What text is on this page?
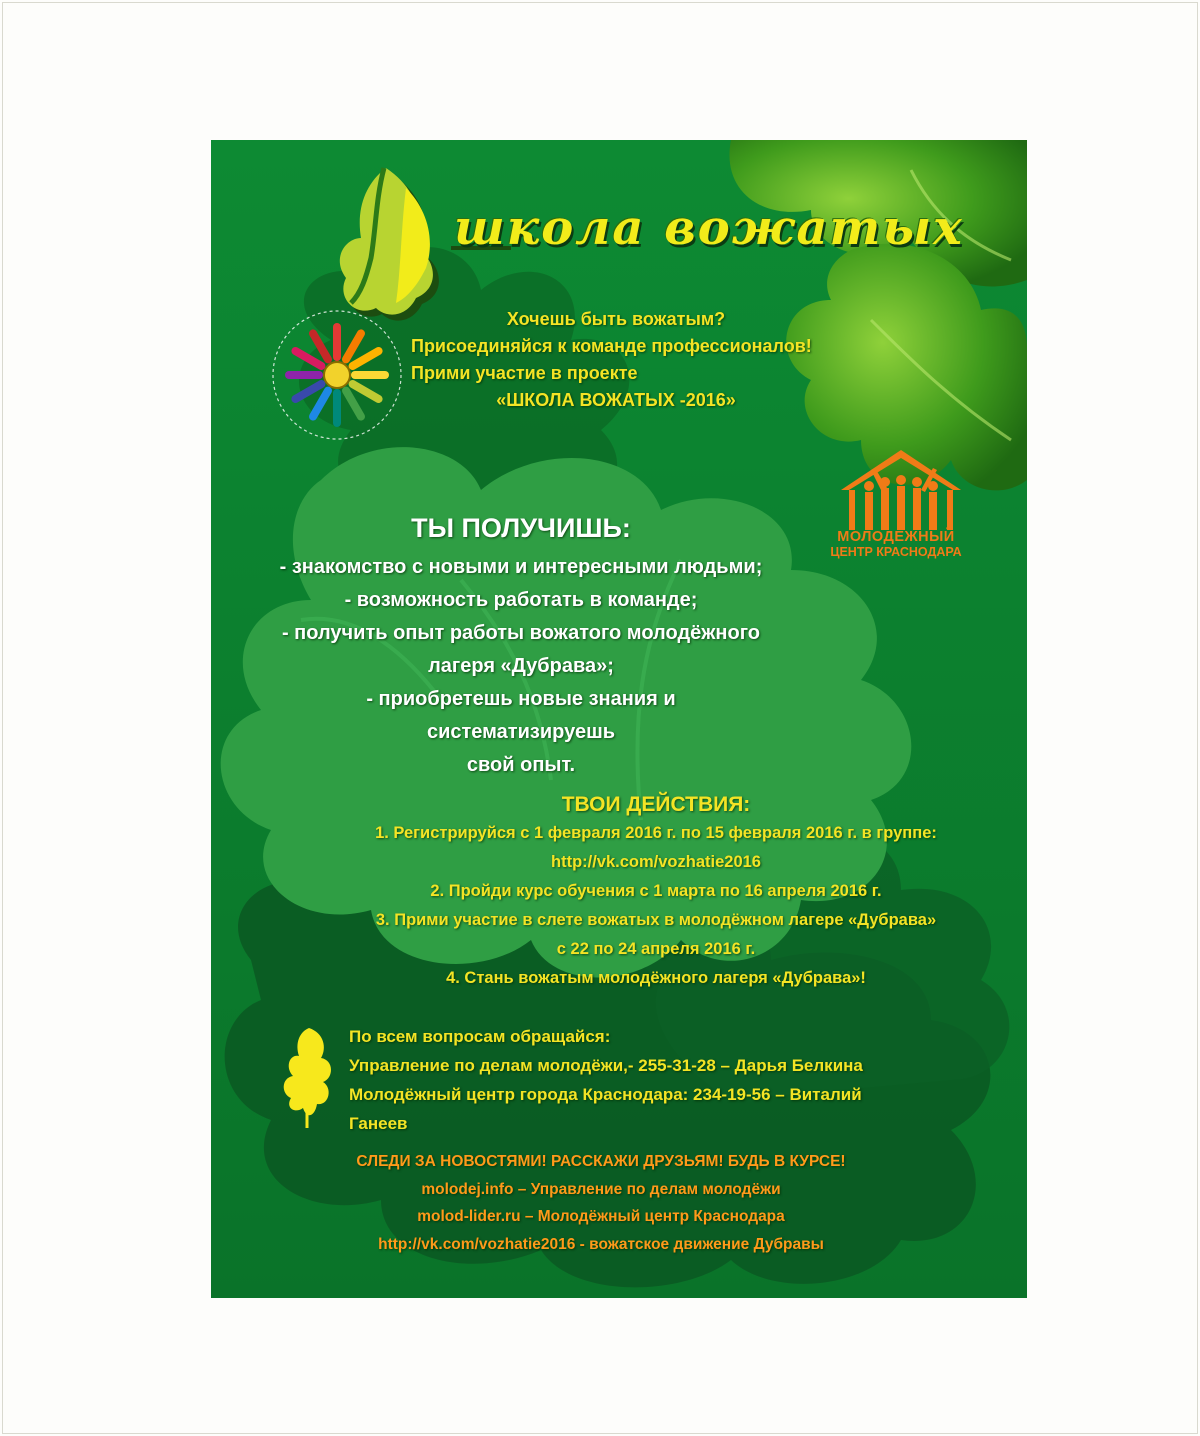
школа вожатых
Хочешь быть вожатым?
Присоединяйся к команде профессионалов!
Прими участие в проекте
«ШКОЛА ВОЖАТЫХ -2016»
МОЛОДЁЖНЫЙ
ЦЕНТР КРАСНОДАРА
ТЫ ПОЛУЧИШЬ:
- знакомство с новыми и интересными людьми;
- возможность работать в команде;
- получить опыт работы вожатого молодёжного
лагеря «Дубрава»;
- приобретешь новые знания и систематизируешь
свой опыт.
ТВОИ ДЕЙСТВИЯ:
1. Регистрируйся с 1 февраля 2016 г. по 15 февраля 2016 г. в группе:
http://vk.com/vozhatie2016
2. Пройди курс обучения с 1 марта по 16 апреля 2016 г.
3. Прими участие в слете вожатых в молодёжном лагере «Дубрава»
с 22 по 24 апреля 2016 г.
4. Стань вожатым молодёжного лагеря «Дубрава»!
По всем вопросам обращайся:
Управление по делам молодёжи,- 255-31-28 – Дарья Белкина
Молодёжный центр города Краснодара: 234-19-56 – Виталий Ганеев
СЛЕДИ ЗА НОВОСТЯМИ! РАССКАЖИ ДРУЗЬЯМ! БУДЬ В КУРСЕ!
molodej.info – Управление по делам молодёжи
molod-lider.ru – Молодёжный центр Краснодара
http://vk.com/vozhatie2016 - вожатское движение Дубравы
